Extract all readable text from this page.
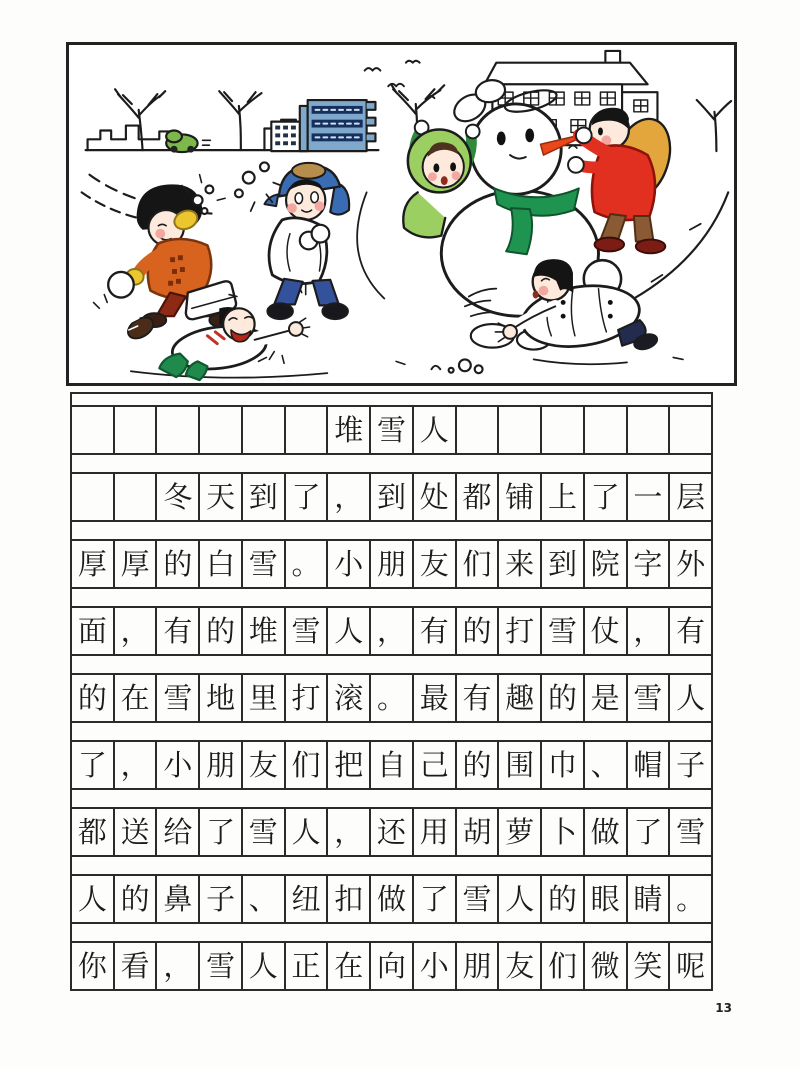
堆 雪 人
冬 天 到 了 ， 到 处 都 铺 上 了 一 层
厚 厚 的 白 雪 。 小 朋 友 们 来 到 院 字 外
面 ， 有 的 堆 雪 人 ， 有 的 打 雪 仗 ， 有
的 在 雪 地 里 打 滚 。 最 有 趣 的 是 雪 人
了 ， 小 朋 友 们 把 自 己 的 围 巾 、 帽 子
都 送 给 了 雪 人 ， 还 用 胡 萝 卜 做 了 雪
人 的 鼻 子 、 纽 扣 做 了 雪 人 的 眼 睛 。
你 看 ， 雪 人 正 在 向 小 朋 友 们 微 笑 呢
13
